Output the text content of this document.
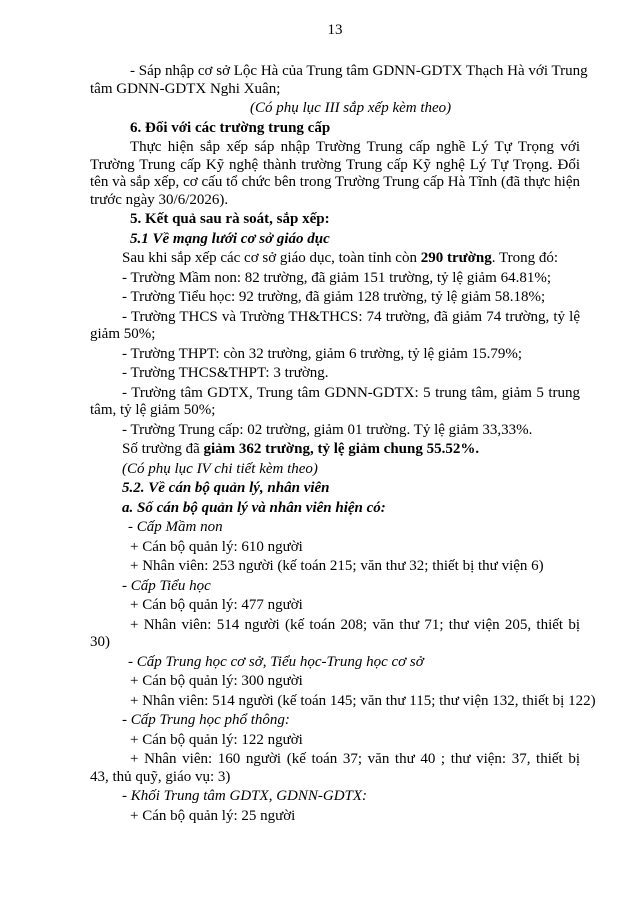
13
- Sáp nhập cơ sở Lộc Hà của Trung tâm GDNN-GDTX Thạch Hà với Trung
tâm GDNN-GDTX Nghi Xuân;
(Có phụ lục III sắp xếp kèm theo)
6. Đối với các trường trung cấp
Thực hiện sắp xếp sáp nhập Trường Trung cấp nghề Lý Tự Trọng với
Trường Trung cấp Kỹ nghệ thành trường Trung cấp Kỹ nghệ Lý Tự Trọng. Đổi
tên và sắp xếp, cơ cấu tổ chức bên trong Trường Trung cấp Hà Tĩnh (đã thực hiện
trước ngày 30/6/2026).
5. Kết quả sau rà soát, sắp xếp:
5.1 Về mạng lưới cơ sở giáo dục
Sau khi sắp xếp các cơ sở giáo dục, toàn tỉnh còn 290 trường. Trong đó:
- Trường Mầm non: 82 trường, đã giảm 151 trường, tỷ lệ giảm 64.81%;
- Trường Tiểu học: 92 trường, đã giảm 128 trường, tỷ lệ giảm 58.18%;
- Trường THCS và Trường TH&THCS: 74 trường, đã giảm 74 trường, tỷ lệ
giảm 50%;
- Trường THPT: còn 32 trường, giảm 6 trường, tỷ lệ giảm 15.79%;
- Trường THCS&THPT: 3 trường.
- Trường tâm GDTX, Trung tâm GDNN-GDTX: 5 trung tâm, giảm 5 trung
tâm, tỷ lệ giảm 50%;
- Trường Trung cấp: 02 trường, giảm 01 trường. Tỷ lệ giảm 33,33%.
Số trường đã giảm 362 trường, tỷ lệ giảm chung 55.52%.
(Có phụ lục IV chi tiết kèm theo)
5.2. Về cán bộ quản lý, nhân viên
a. Số cán bộ quản lý và nhân viên hiện có:
- Cấp Mầm non
+ Cán bộ quản lý: 610 người
+ Nhân viên: 253 người (kế toán 215; văn thư 32; thiết bị thư viện 6)
- Cấp Tiểu học
+ Cán bộ quản lý: 477 người
+ Nhân viên: 514 người (kế toán 208; văn thư 71; thư viện 205, thiết bị
30)
- Cấp Trung học cơ sở, Tiểu học-Trung học cơ sở
+ Cán bộ quản lý: 300 người
+ Nhân viên: 514 người (kế toán 145; văn thư 115; thư viện 132, thiết bị 122)
- Cấp Trung học phổ thông:
+ Cán bộ quản lý: 122 người
+ Nhân viên: 160 người (kế toán 37; văn thư 40 ; thư viện: 37, thiết bị
43, thủ quỹ, giáo vụ: 3)
- Khối Trung tâm GDTX, GDNN-GDTX:
+ Cán bộ quản lý: 25 người
